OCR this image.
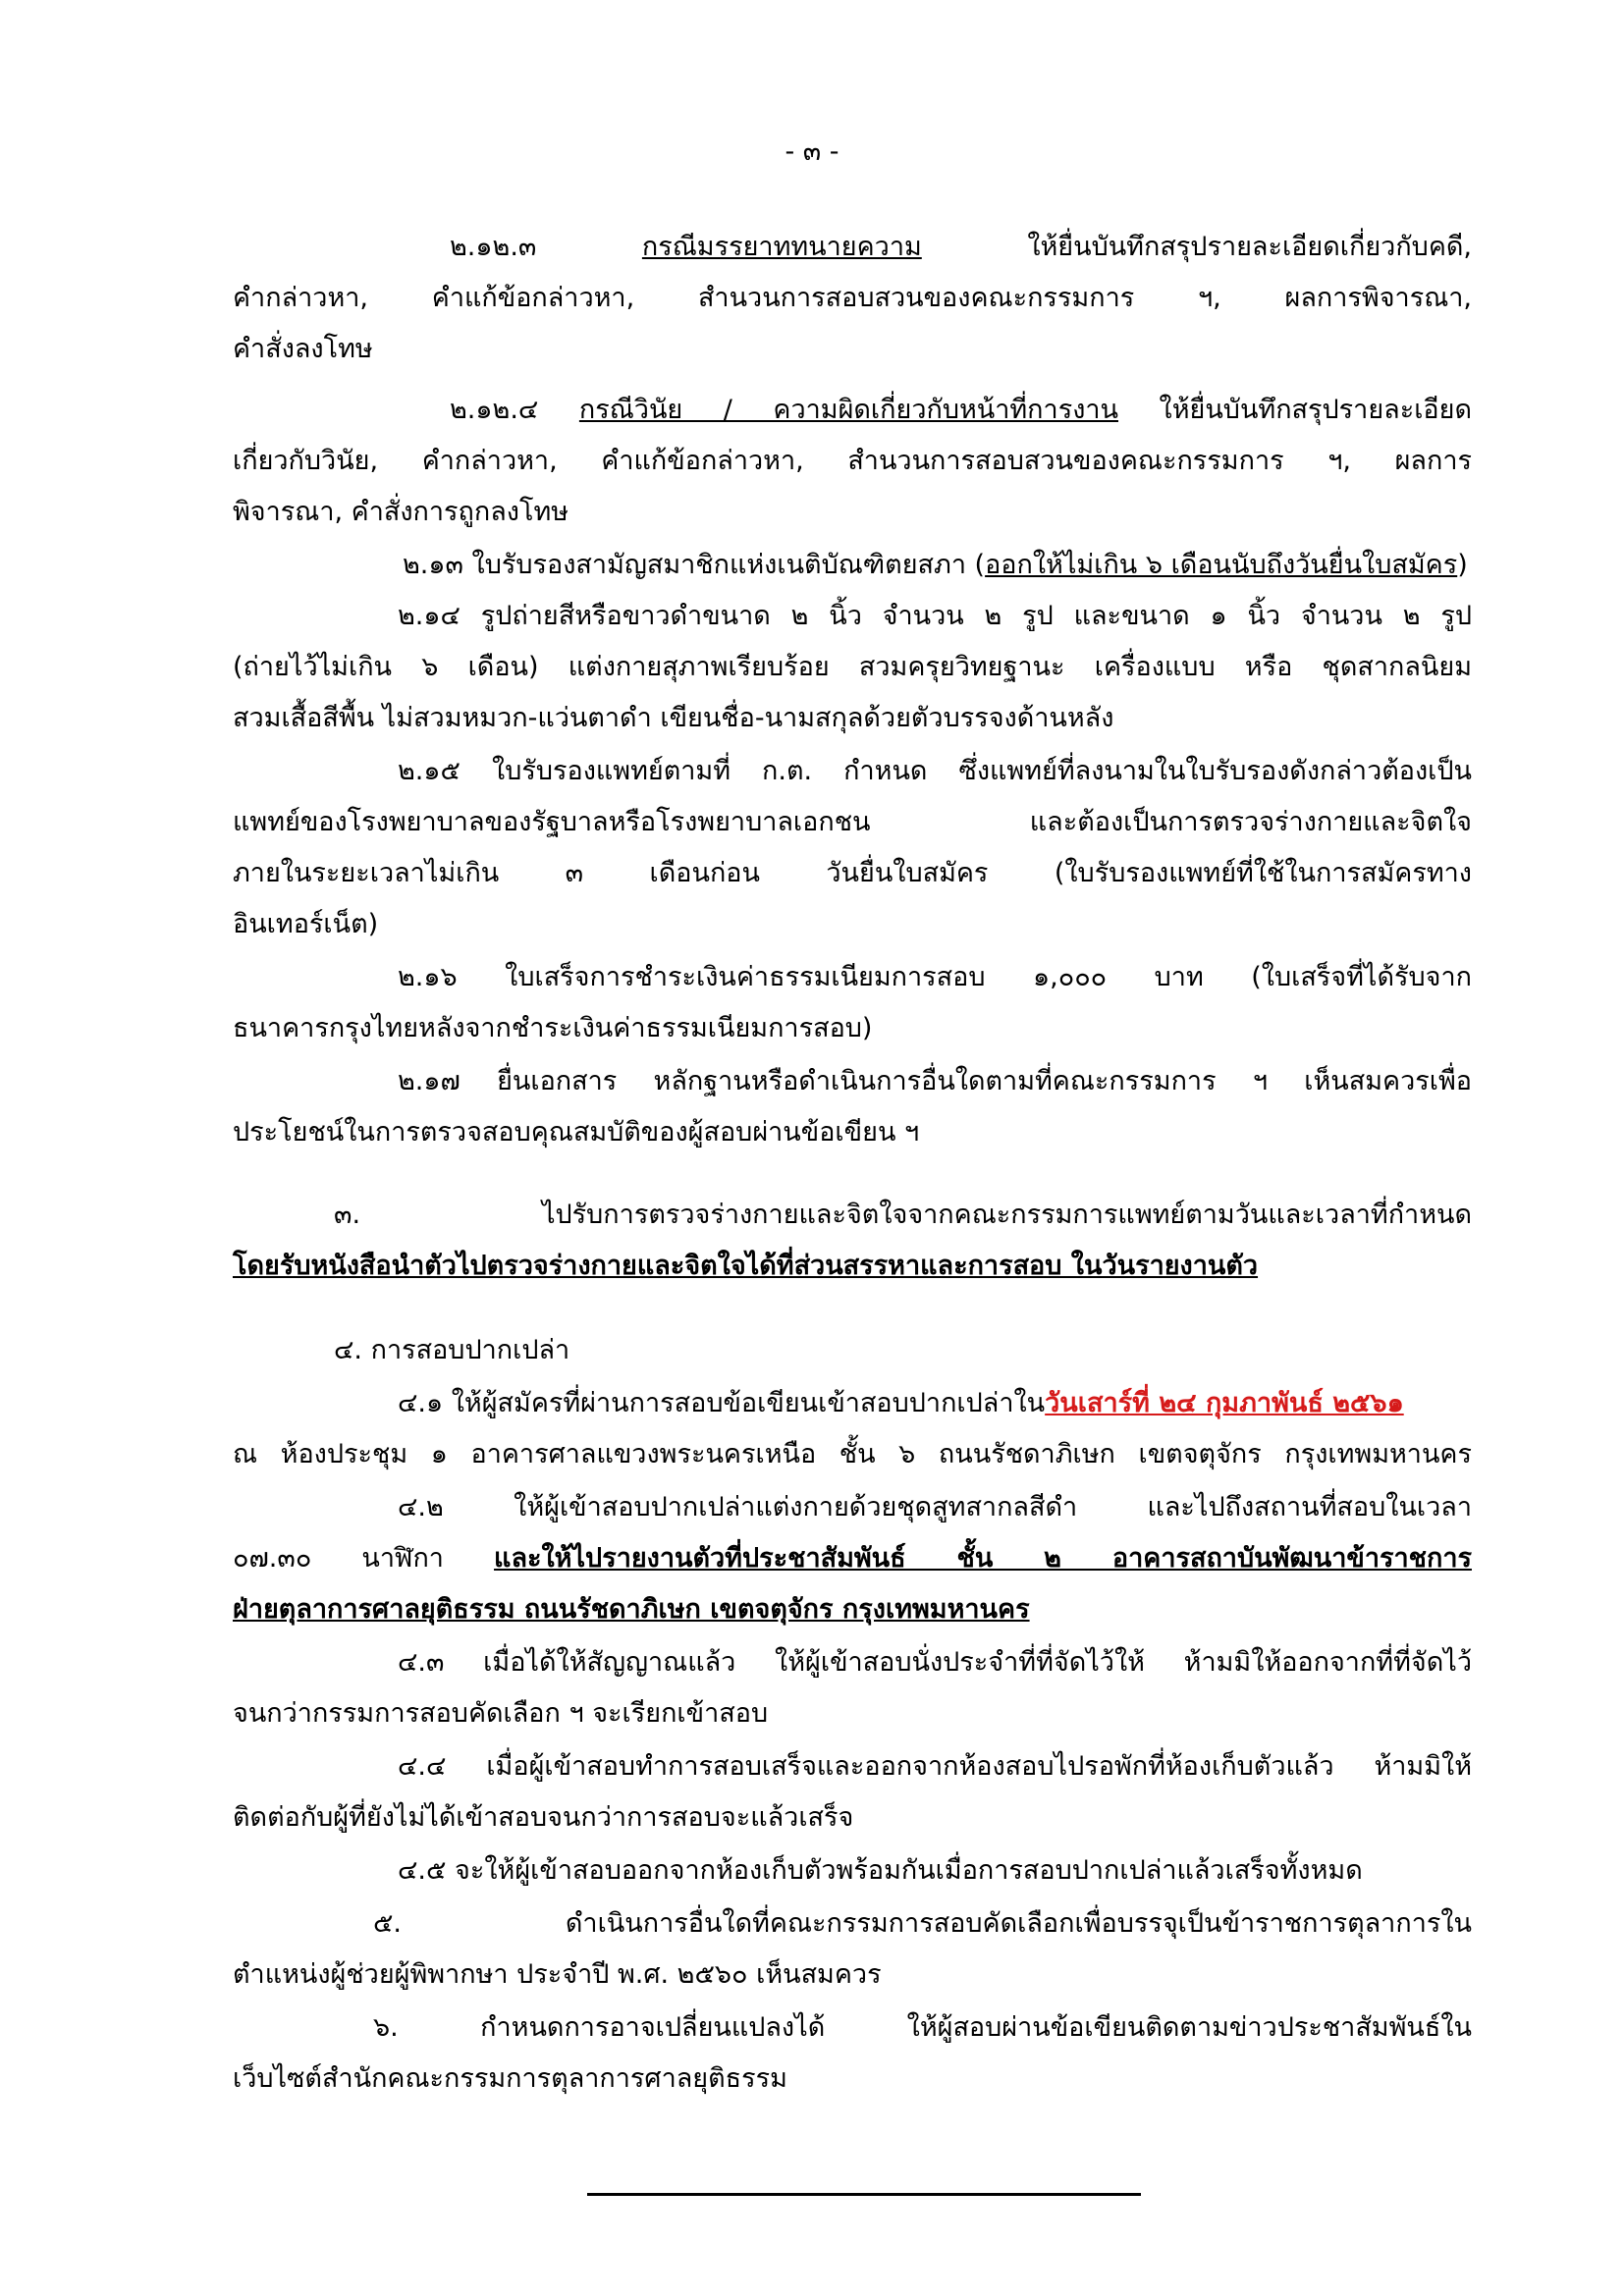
- ๓ -
๒.๑๒.๓	กรณีมรรยาททนายความ	ให้ยื่นบันทึกสรุปรายละเอียดเกี่ยวกับคดี,
คำกล่าวหา, คำแก้ข้อกล่าวหา, สำนวนการสอบสวนของคณะกรรมการ ฯ, ผลการพิจารณา,
คำสั่งลงโทษ
๒.๑๒.๔ กรณีวินัย / ความผิดเกี่ยวกับหน้าที่การงาน ให้ยื่นบันทึกสรุปรายละเอียด
เกี่ยวกับวินัย, คำกล่าวหา, คำแก้ข้อกล่าวหา, สำนวนการสอบสวนของคณะกรรมการ ฯ, ผลการ
พิจารณา, คำสั่งการถูกลงโทษ
๒.๑๓ ใบรับรองสามัญสมาชิกแห่งเนติบัณฑิตยสภา (ออกให้ไม่เกิน ๖ เดือนนับถึงวันยื่นใบสมัคร)
๒.๑๔ รูปถ่ายสีหรือขาวดำขนาด ๒ นิ้ว จำนวน ๒ รูป และขนาด ๑ นิ้ว จำนวน ๒ รูป
(ถ่ายไว้ไม่เกิน ๖ เดือน) แต่งกายสุภาพเรียบร้อย สวมครุยวิทยฐานะ เครื่องแบบ หรือ ชุดสากลนิยม
สวมเสื้อสีพื้น ไม่สวมหมวก-แว่นตาดำ เขียนชื่อ-นามสกุลด้วยตัวบรรจงด้านหลัง
๒.๑๕ ใบรับรองแพทย์ตามที่ ก.ต. กำหนด ซึ่งแพทย์ที่ลงนามในใบรับรองดังกล่าวต้องเป็น
แพทย์ของโรงพยาบาลของรัฐบาลหรือโรงพยาบาลเอกชน และต้องเป็นการตรวจร่างกายและจิตใจ
ภายในระยะเวลาไม่เกิน ๓ เดือนก่อน วันยื่นใบสมัคร (ใบรับรองแพทย์ที่ใช้ในการสมัครทาง
อินเทอร์เน็ต)
๒.๑๖ ใบเสร็จการชำระเงินค่าธรรมเนียมการสอบ ๑,๐๐๐ บาท (ใบเสร็จที่ได้รับจาก
ธนาคารกรุงไทยหลังจากชำระเงินค่าธรรมเนียมการสอบ)
๒.๑๗ ยื่นเอกสาร หลักฐานหรือดำเนินการอื่นใดตามที่คณะกรรมการ ฯ เห็นสมควรเพื่อ
ประโยชน์ในการตรวจสอบคุณสมบัติของผู้สอบผ่านข้อเขียน ฯ
๓. ไปรับการตรวจร่างกายและจิตใจจากคณะกรรมการแพทย์ตามวันและเวลาที่กำหนด
โดยรับหนังสือนำตัวไปตรวจร่างกายและจิตใจได้ที่ส่วนสรรหาและการสอบ ในวันรายงานตัว
๔. การสอบปากเปล่า
๔.๑ ให้ผู้สมัครที่ผ่านการสอบข้อเขียนเข้าสอบปากเปล่าในวันเสาร์ที่ ๒๔ กุมภาพันธ์ ๒๕๖๑
ณ ห้องประชุม ๑ อาคารศาลแขวงพระนครเหนือ ชั้น ๖ ถนนรัชดาภิเษก เขตจตุจักร กรุงเทพมหานคร
๔.๒ ให้ผู้เข้าสอบปากเปล่าแต่งกายด้วยชุดสูทสากลสีดำ และไปถึงสถานที่สอบในเวลา
๐๗.๓๐ นาฬิกา และให้ไปรายงานตัวที่ประชาสัมพันธ์ ชั้น ๒ อาคารสถาบันพัฒนาข้าราชการ
ฝ่ายตุลาการศาลยุติธรรม ถนนรัชดาภิเษก เขตจตุจักร กรุงเทพมหานคร
๔.๓ เมื่อได้ให้สัญญาณแล้ว ให้ผู้เข้าสอบนั่งประจำที่ที่จัดไว้ให้ ห้ามมิให้ออกจากที่ที่จัดไว้
จนกว่ากรรมการสอบคัดเลือก ฯ จะเรียกเข้าสอบ
๔.๔ เมื่อผู้เข้าสอบทำการสอบเสร็จและออกจากห้องสอบไปรอพักที่ห้องเก็บตัวแล้ว ห้ามมิให้
ติดต่อกับผู้ที่ยังไม่ได้เข้าสอบจนกว่าการสอบจะแล้วเสร็จ
๔.๕ จะให้ผู้เข้าสอบออกจากห้องเก็บตัวพร้อมกันเมื่อการสอบปากเปล่าแล้วเสร็จทั้งหมด
๕. ดำเนินการอื่นใดที่คณะกรรมการสอบคัดเลือกเพื่อบรรจุเป็นข้าราชการตุลาการใน
ตำแหน่งผู้ช่วยผู้พิพากษา ประจำปี พ.ศ. ๒๕๖๐ เห็นสมควร
๖. กำหนดการอาจเปลี่ยนแปลงได้ ให้ผู้สอบผ่านข้อเขียนติดตามข่าวประชาสัมพันธ์ใน
เว็บไซต์สำนักคณะกรรมการตุลาการศาลยุติธรรม
